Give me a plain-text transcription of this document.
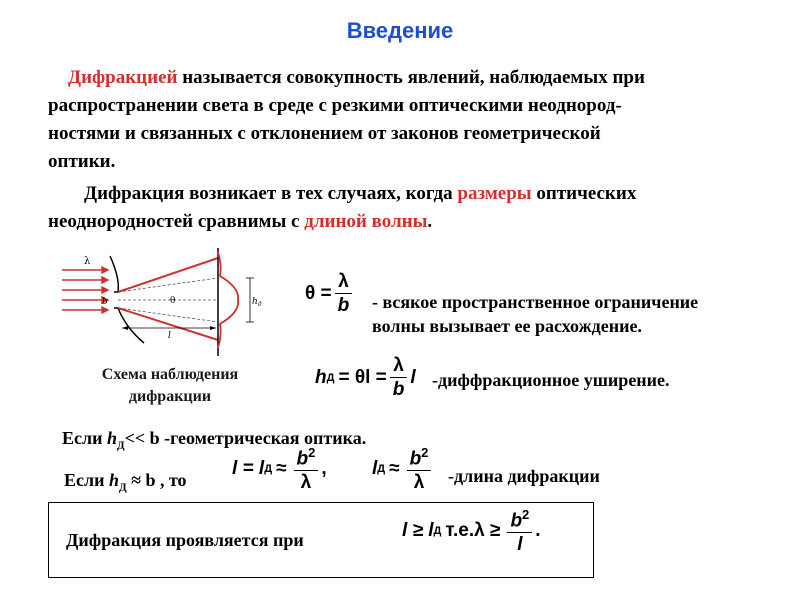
Введение
Дифракцией называется совокупность явлений, наблюдаемых при
распространении света в среде с резкими оптическими неоднород-
ностями и связанных с отклонением от законов геометрической
оптики.
Дифракция возникает в тех случаях, когда размеры оптических
неоднородностей сравнимы с длиной волны.
λ
b	θ	$h_д$
l
Схема наблюдения
дифракции
$\theta = \frac{\lambda}{b}$ - всякое пространственное ограничение
волны вызывает ее расхождение.
h $Д = \theta l = \frac{\lambda}{b}$ l -диффракционное уширение.
Если $h_Д<< b$ -геометрическая оптика.
Если $h_Д \approx b$ , то
l = l $Д \approx \frac{b^2}{\lambda}$ , l $Д \approx \frac{b^2}{\lambda}$ -длина дифракции
Дифракция проявляется при	l ≥ l Д $т.е.\lambda \ge \frac{b^2}{l}$ .
